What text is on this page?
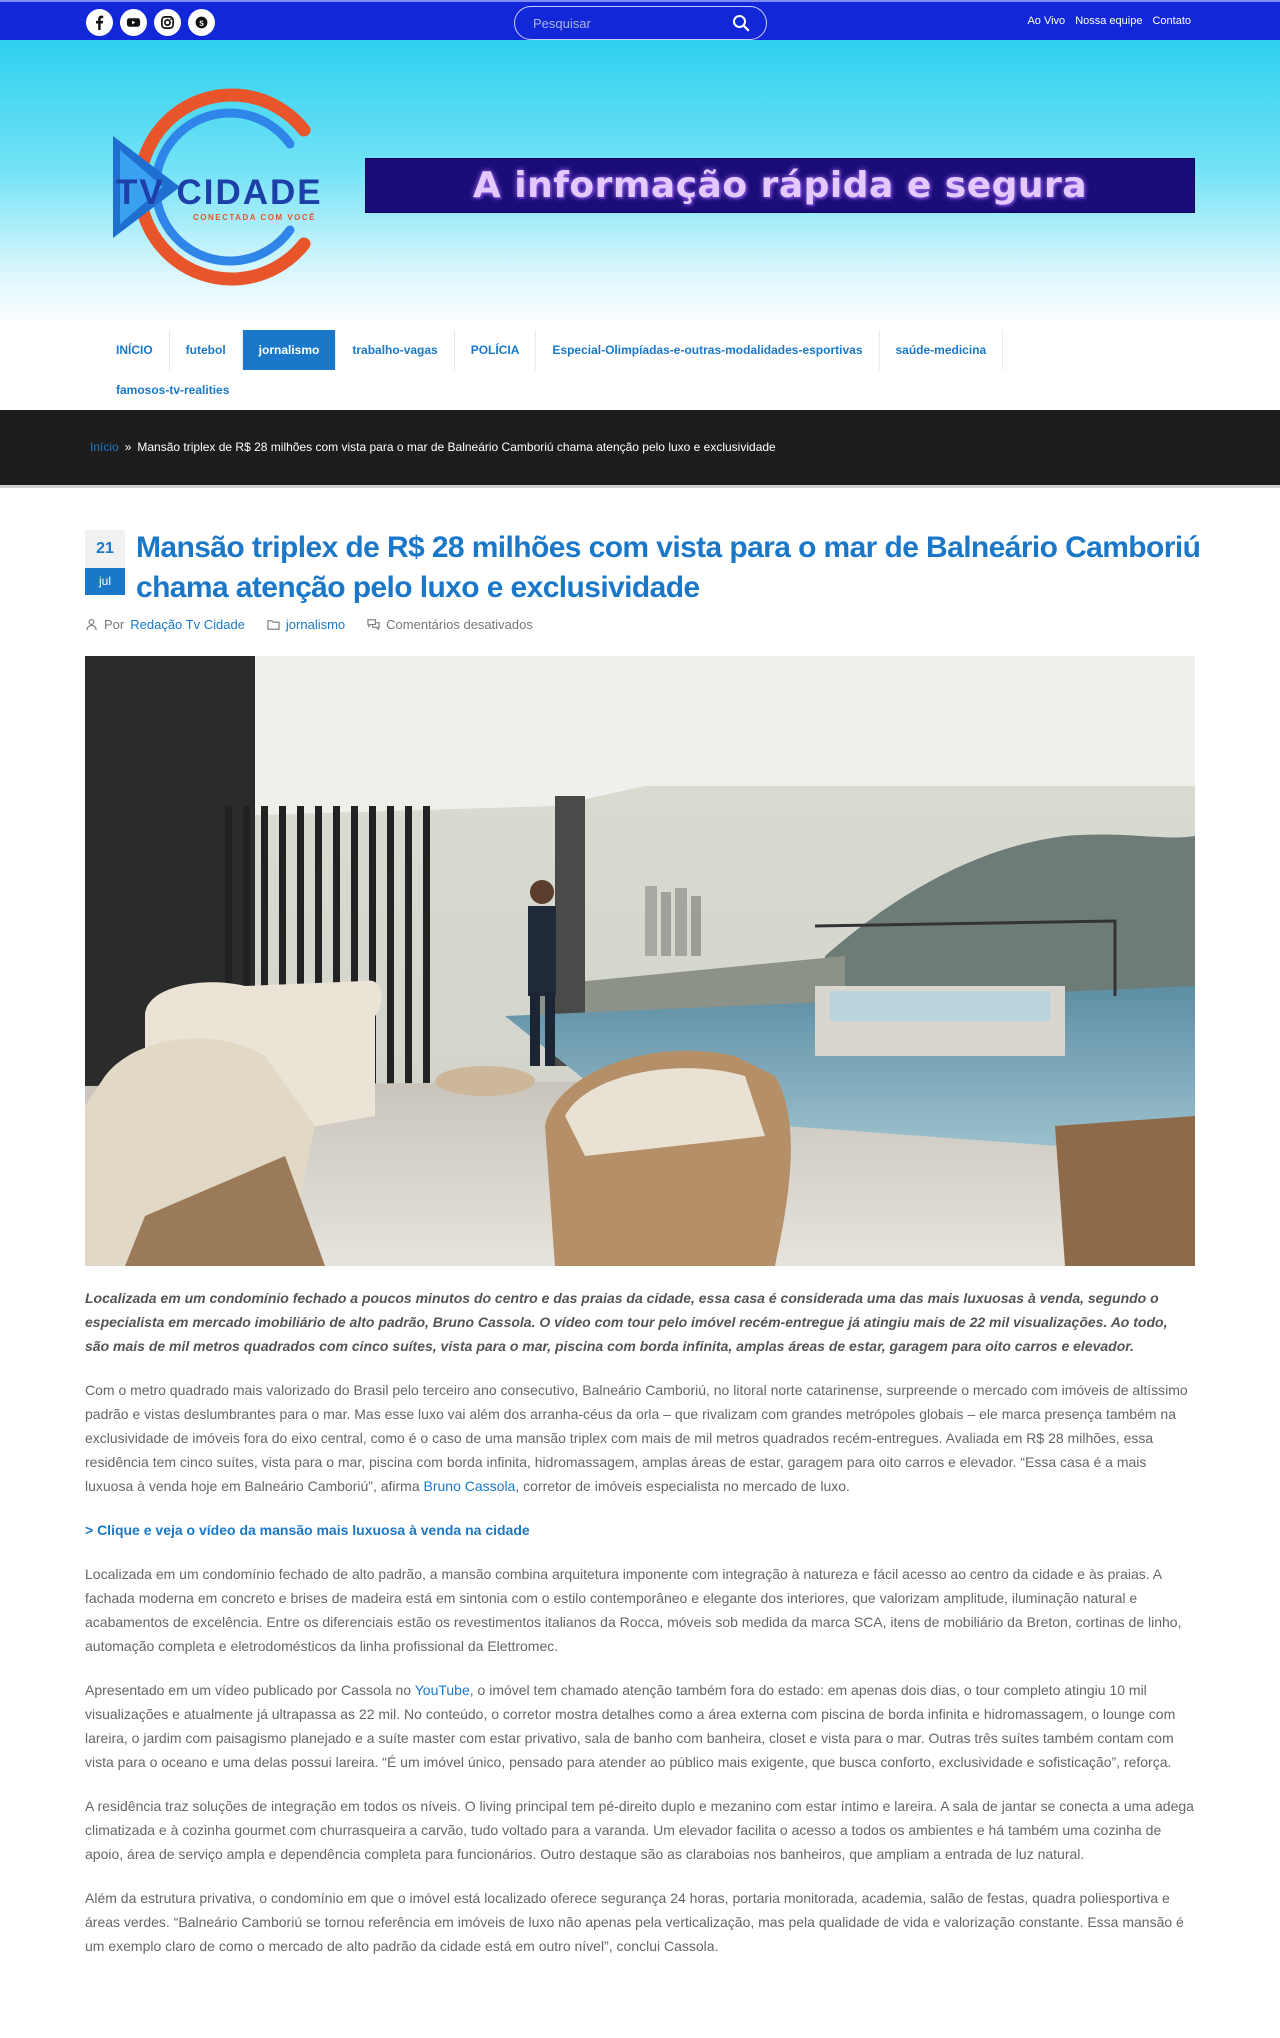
Pesquisar
Ao Vivo Nossa equipe Contato
TV CIDADE
CONECTADA COM VOCÊ
A informação rápida e segura
INÍCIO	futebol	jornalismo	trabalho-vagas	POLÍCIA	Especial-Olimpíadas-e-outras-modalidades-esportivas	saúde-medicina
famosos-tv-realities
Início » Mansão triplex de R$ 28 milhões com vista para o mar de Balneário Camboriú chama atenção pelo luxo e exclusividade
21
jul
Mansão triplex de R$ 28 milhões com vista para o mar de Balneário Camboriú chama atenção pelo luxo e exclusividade
Por Redação Tv Cidade	jornalismo	Comentários desativados

Localizada em um condomínio fechado a poucos minutos do centro e das praias da cidade, essa casa é considerada uma das mais luxuosas à venda, segundo o especialista em mercado imobiliário de alto padrão, Bruno Cassola. O vídeo com tour pelo imóvel recém-entregue já atingiu mais de 22 mil visualizações. Ao todo, são mais de mil metros quadrados com cinco suítes, vista para o mar, piscina com borda infinita, amplas áreas de estar, garagem para oito carros e elevador.

Com o metro quadrado mais valorizado do Brasil pelo terceiro ano consecutivo, Balneário Camboriú, no litoral norte catarinense, surpreende o mercado com imóveis de altíssimo padrão e vistas deslumbrantes para o mar. Mas esse luxo vai além dos arranha-céus da orla – que rivalizam com grandes metrópoles globais – ele marca presença também na exclusividade de imóveis fora do eixo central, como é o caso de uma mansão triplex com mais de mil metros quadrados recém-entregues. Avaliada em R$ 28 milhões, essa residência tem cinco suítes, vista para o mar, piscina com borda infinita, hidromassagem, amplas áreas de estar, garagem para oito carros e elevador. “Essa casa é a mais luxuosa à venda hoje em Balneário Camboriú”, afirma Bruno Cassola, corretor de imóveis especialista no mercado de luxo.

> Clique e veja o vídeo da mansão mais luxuosa à venda na cidade

Localizada em um condomínio fechado de alto padrão, a mansão combina arquitetura imponente com integração à natureza e fácil acesso ao centro da cidade e às praias. A fachada moderna em concreto e brises de madeira está em sintonia com o estilo contemporâneo e elegante dos interiores, que valorizam amplitude, iluminação natural e acabamentos de excelência. Entre os diferenciais estão os revestimentos italianos da Rocca, móveis sob medida da marca SCA, itens de mobiliário da Breton, cortinas de linho, automação completa e eletrodomésticos da linha profissional da Elettromec.

Apresentado em um vídeo publicado por Cassola no YouTube, o imóvel tem chamado atenção também fora do estado: em apenas dois dias, o tour completo atingiu 10 mil visualizações e atualmente já ultrapassa as 22 mil. No conteúdo, o corretor mostra detalhes como a área externa com piscina de borda infinita e hidromassagem, o lounge com lareira, o jardim com paisagismo planejado e a suíte master com estar privativo, sala de banho com banheira, closet e vista para o mar. Outras três suítes também contam com vista para o oceano e uma delas possui lareira. “É um imóvel único, pensado para atender ao público mais exigente, que busca conforto, exclusividade e sofisticação”, reforça.

A residência traz soluções de integração em todos os níveis. O living principal tem pé-direito duplo e mezanino com estar íntimo e lareira. A sala de jantar se conecta a uma adega climatizada e à cozinha gourmet com churrasqueira a carvão, tudo voltado para a varanda. Um elevador facilita o acesso a todos os ambientes e há também uma cozinha de apoio, área de serviço ampla e dependência completa para funcionários. Outro destaque são as claraboias nos banheiros, que ampliam a entrada de luz natural.

Além da estrutura privativa, o condomínio em que o imóvel está localizado oferece segurança 24 horas, portaria monitorada, academia, salão de festas, quadra poliesportiva e áreas verdes. “Balneário Camboriú se tornou referência em imóveis de luxo não apenas pela verticalização, mas pela qualidade de vida e valorização constante. Essa mansão é um exemplo claro de como o mercado de alto padrão da cidade está em outro nível”, conclui Cassola.
